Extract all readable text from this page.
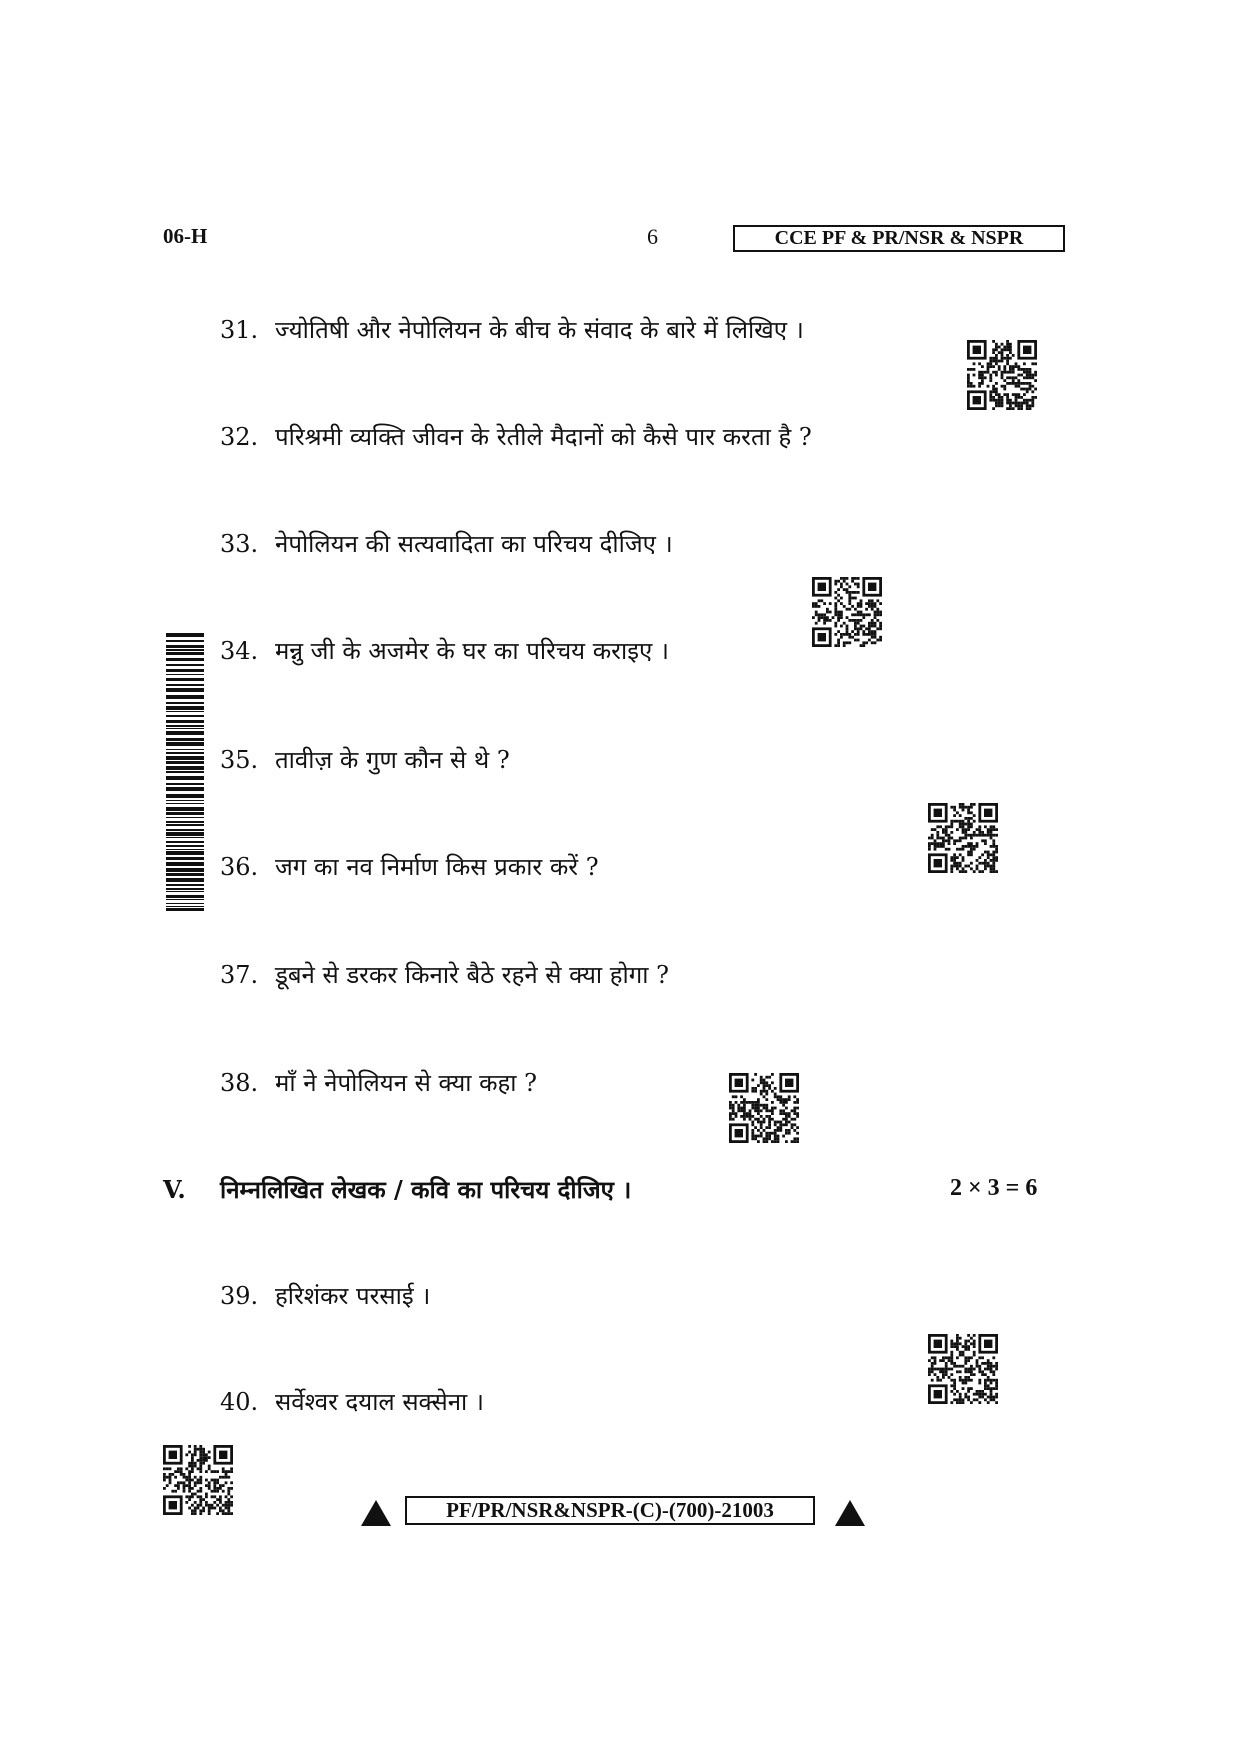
06-H	6	CCE PF & PR/NSR & NSPR
31. ज्योतिषी और नेपोलियन के बीच के संवाद के बारे में लिखिए ।
32. परिश्रमी व्यक्ति जीवन के रेतीले मैदानों को कैसे पार करता है ?
33. नेपोलियन की सत्यवादिता का परिचय दीजिए ।
34. मन्नु जी के अजमेर के घर का परिचय कराइए ।
35. तावीज़ के गुण कौन से थे ?
36. जग का नव निर्माण किस प्रकार करें ?
37. डूबने से डरकर किनारे बैठे रहने से क्या होगा ?
38. माँ ने नेपोलियन से क्या कहा ?
V. निम्नलिखित लेखक / कवि का परिचय दीजिए ।	2 × 3 = 6
39. हरिशंकर परसाई ।
40. सर्वेश्वर दयाल सक्सेना ।
PF/PR/NSR&NSPR-(C)-(700)-21003
